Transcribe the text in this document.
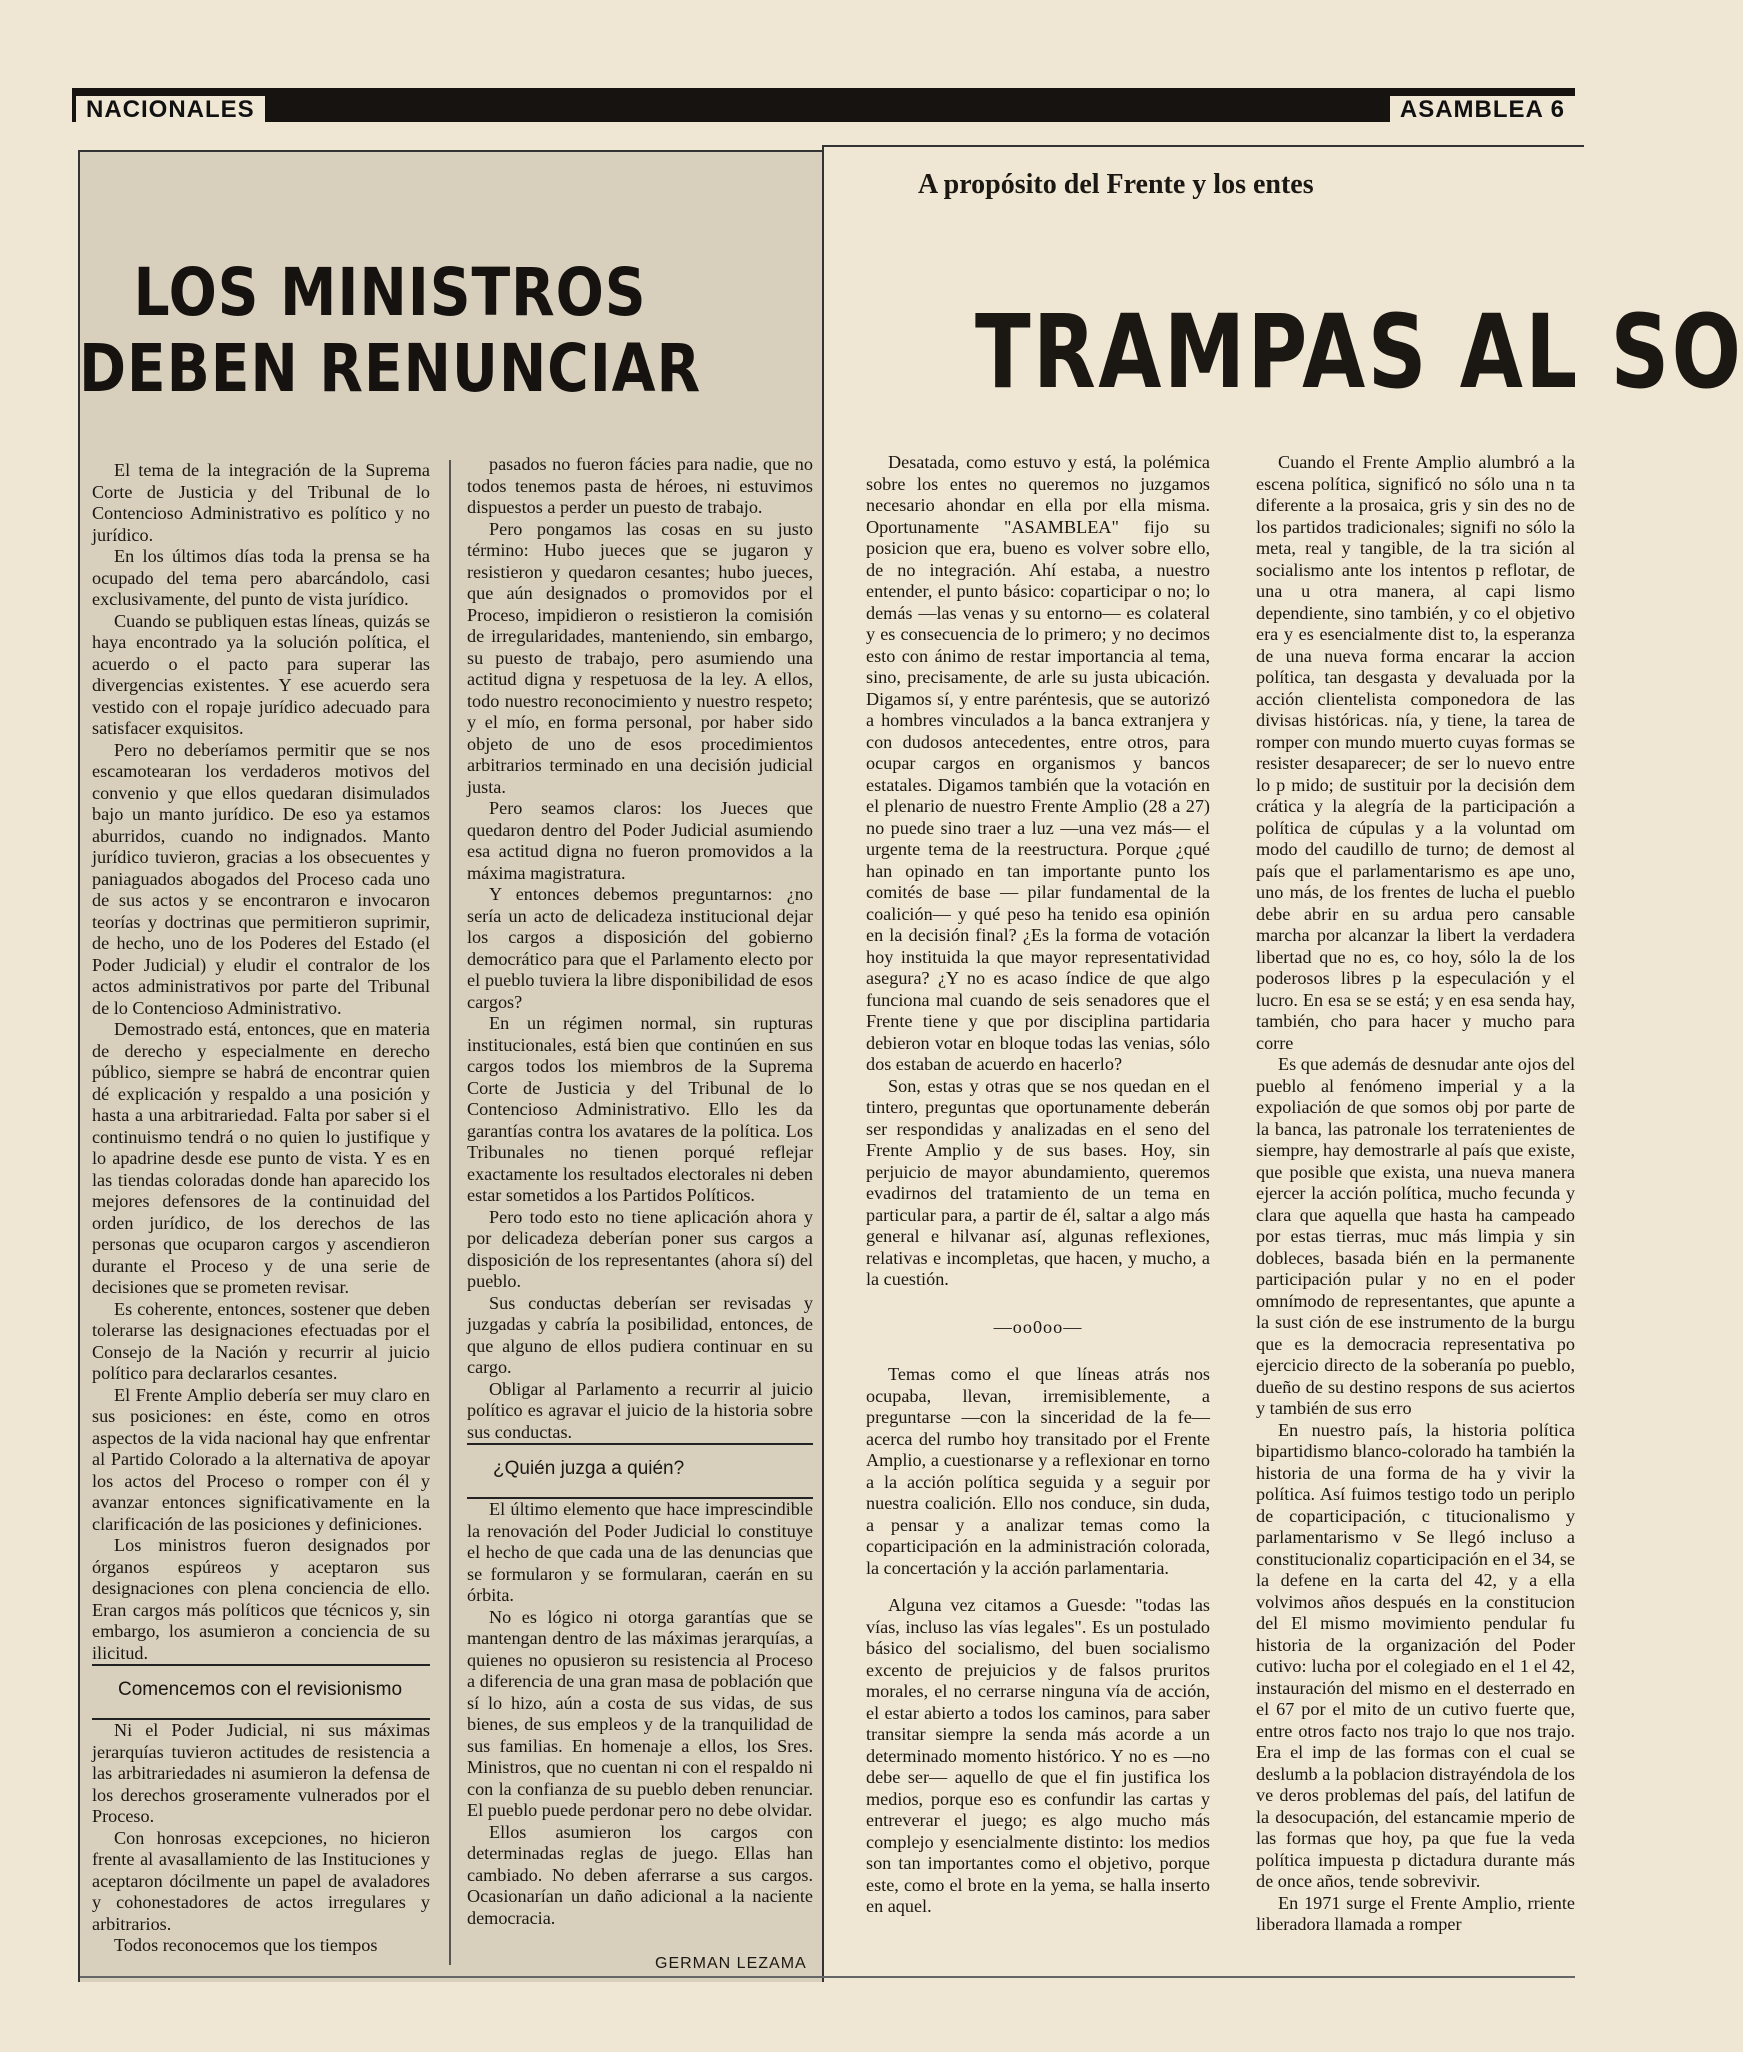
NACIONALES	ASAMBLEA 6
LOS MINISTROS
DEBEN RENUNCIAR

El tema de la integración de la Suprema Corte de Justicia y del Tribunal de lo Contencioso Administrativo es político y no jurídico.

En los últimos días toda la prensa se ha ocupado del tema pero abarcándolo, casi exclusivamente, del punto de vista jurídico.

Cuando se publiquen estas líneas, quizás se haya encontrado ya la solución política, el acuerdo o el pacto para superar las divergencias existentes. Y ese acuerdo sera vestido con el ropaje jurídico adecuado para satisfacer exquisitos.

Pero no deberíamos permitir que se nos escamotearan los verdaderos motivos del convenio y que ellos quedaran disimulados bajo un manto jurídico. De eso ya estamos aburridos, cuando no indignados. Manto jurídico tuvieron, gracias a los obsecuentes y paniaguados abogados del Proceso cada uno de sus actos y se encontraron e invocaron teorías y doctrinas que permitieron suprimir, de hecho, uno de los Poderes del Estado (el Poder Judicial) y eludir el contralor de los actos administrativos por parte del Tribunal de lo Contencioso Administrativo.

Demostrado está, entonces, que en materia de derecho y especialmente en derecho público, siempre se habrá de encontrar quien dé explicación y respaldo a una posición y hasta a una arbitrariedad. Falta por saber si el continuismo tendrá o no quien lo justifique y lo apadrine desde ese punto de vista. Y es en las tiendas coloradas donde han aparecido los mejores defensores de la continuidad del orden jurídico, de los derechos de las personas que ocuparon cargos y ascendieron durante el Proceso y de una serie de decisiones que se prometen revisar.

Es coherente, entonces, sostener que deben tolerarse las designaciones efectuadas por el Consejo de la Nación y recurrir al juicio político para declararlos cesantes.

El Frente Amplio debería ser muy claro en sus posiciones: en éste, como en otros aspectos de la vida nacional hay que enfrentar al Partido Colorado a la alternativa de apoyar los actos del Proceso o romper con él y avanzar entonces significativamente en la clarificación de las posiciones y definiciones.

Los ministros fueron designados por órganos espúreos y aceptaron sus designaciones con plena conciencia de ello. Eran cargos más políticos que técnicos y, sin embargo, los asumieron a conciencia de su ilicitud.

Comencemos con el revisionismo

Ni el Poder Judicial, ni sus máximas jerarquías tuvieron actitudes de resistencia a las arbitrariedades ni asumieron la defensa de los derechos groseramente vulnerados por el Proceso.

Con honrosas excepciones, no hicieron frente al avasallamiento de las Instituciones y aceptaron dócilmente un papel de avaladores y cohonestadores de actos irregulares y arbitrarios.

Todos reconocemos que los tiempos

pasados no fueron fácies para nadie, que no todos tenemos pasta de héroes, ni estuvimos dispuestos a perder un puesto de trabajo.

Pero pongamos las cosas en su justo término: Hubo jueces que se jugaron y resistieron y quedaron cesantes; hubo jueces, que aún designados o promovidos por el Proceso, impidieron o resistieron la comisión de irregularidades, manteniendo, sin embargo, su puesto de trabajo, pero asumiendo una actitud digna y respetuosa de la ley. A ellos, todo nuestro reconocimiento y nuestro respeto; y el mío, en forma personal, por haber sido objeto de uno de esos procedimientos arbitrarios terminado en una decisión judicial justa.

Pero seamos claros: los Jueces que quedaron dentro del Poder Judicial asumiendo esa actitud digna no fueron promovidos a la máxima magistratura.

Y entonces debemos preguntarnos: ¿no sería un acto de delicadeza institucional dejar los cargos a disposición del gobierno democrático para que el Parlamento electo por el pueblo tuviera la libre disponibilidad de esos cargos?

En un régimen normal, sin rupturas institucionales, está bien que continúen en sus cargos todos los miembros de la Suprema Corte de Justicia y del Tribunal de lo Contencioso Administrativo. Ello les da garantías contra los avatares de la política. Los Tribunales no tienen porqué reflejar exactamente los resultados electorales ni deben estar sometidos a los Partidos Políticos.

Pero todo esto no tiene aplicación ahora y por delicadeza deberían poner sus cargos a disposición de los representantes (ahora sí) del pueblo.

Sus conductas deberían ser revisadas y juzgadas y cabría la posibilidad, entonces, de que alguno de ellos pudiera continuar en su cargo.

Obligar al Parlamento a recurrir al juicio político es agravar el juicio de la historia sobre sus conductas.

¿Quién juzga a quién?

El último elemento que hace imprescindible la renovación del Poder Judicial lo constituye el hecho de que cada una de las denuncias que se formularon y se formularan, caerán en su órbita.

No es lógico ni otorga garantías que se mantengan dentro de las máximas jerarquías, a quienes no opusieron su resistencia al Proceso a diferencia de una gran masa de población que sí lo hizo, aún a costa de sus vidas, de sus bienes, de sus empleos y de la tranquilidad de sus familias. En homenaje a ellos, los Sres. Ministros, que no cuentan ni con el respaldo ni con la confianza de su pueblo deben renunciar. El pueblo puede perdonar pero no debe olvidar.

Ellos asumieron los cargos con determinadas reglas de juego. Ellas han cambiado. No deben aferrarse a sus cargos. Ocasionarían un daño adicional a la naciente democracia.

GERMAN LEZAMA
A propósito del Frente y los entes
TRAMPAS AL SO

Desatada, como estuvo y está, la polémica sobre los entes no queremos no juzgamos necesario ahondar en ella por ella misma. Oportunamente "ASAMBLEA" fijo su posicion que era, bueno es volver sobre ello, de no integración. Ahí estaba, a nuestro entender, el punto básico: coparticipar o no; lo demás —las venas y su entorno— es colateral y es consecuencia de lo primero; y no decimos esto con ánimo de restar importancia al tema, sino, precisamente, de arle su justa ubicación. Digamos sí, y entre paréntesis, que se autorizó a hombres vinculados a la banca extranjera y con dudosos antecedentes, entre otros, para ocupar cargos en organismos y bancos estatales. Digamos también que la votación en el plenario de nuestro Frente Amplio (28 a 27) no puede sino traer a luz —una vez más— el urgente tema de la reestructura. Porque ¿qué han opinado en tan importante punto los comités de base — pilar fundamental de la coalición— y qué peso ha tenido esa opinión en la decisión final? ¿Es la forma de votación hoy instituida la que mayor representatividad asegura? ¿Y no es acaso índice de que algo funciona mal cuando de seis senadores que el Frente tiene y que por disciplina partidaria debieron votar en bloque todas las venias, sólo dos estaban de acuerdo en hacerlo?

Son, estas y otras que se nos quedan en el tintero, preguntas que oportunamente deberán ser respondidas y analizadas en el seno del Frente Amplio y de sus bases. Hoy, sin perjuicio de mayor abundamiento, queremos evadirnos del tratamiento de un tema en particular para, a partir de él, saltar a algo más general e hilvanar así, algunas reflexiones, relativas e incompletas, que hacen, y mucho, a la cuestión.

—oo0oo—

Temas como el que líneas atrás nos ocupaba, llevan, irremisiblemente, a preguntarse —con la sinceridad de la fe— acerca del rumbo hoy transitado por el Frente Amplio, a cuestionarse y a reflexionar en torno a la acción política seguida y a seguir por nuestra coalición. Ello nos conduce, sin duda, a pensar y a analizar temas como la coparticipación en la administración colorada, la concertación y la acción parlamentaria.

Alguna vez citamos a Guesde: "todas las vías, incluso las vías legales". Es un postulado básico del socialismo, del buen socialismo excento de prejuicios y de falsos pruritos morales, el no cerrarse ninguna vía de acción, el estar abierto a todos los caminos, para saber transitar siempre la senda más acorde a un determinado momento histórico. Y no es —no debe ser— aquello de que el fin justifica los medios, porque eso es confundir las cartas y entreverar el juego; es algo mucho más complejo y esencialmente distinto: los medios son tan importantes como el objetivo, porque este, como el brote en la yema, se halla inserto en aquel.

Cuando el Frente Amplio alumbró a la escena política, significó no sólo una n ta diferente a la prosaica, gris y sin des no de los partidos tradicionales; signifi no sólo la meta, real y tangible, de la tra sición al socialismo ante los intentos p reflotar, de una u otra manera, al capi lismo dependiente, sino también, y co el objetivo era y es esencialmente dist to, la esperanza de una nueva forma encarar la accion política, tan desgasta y devaluada por la acción clientelista componedora de las divisas históricas. nía, y tiene, la tarea de romper con mundo muerto cuyas formas se resister desaparecer; de ser lo nuevo entre lo p mido; de sustituir por la decisión dem crática y la alegría de la participación a política de cúpulas y a la voluntad om modo del caudillo de turno; de demost al país que el parlamentarismo es ape uno, uno más, de los frentes de lucha el pueblo debe abrir en su ardua pero cansable marcha por alcanzar la libert la verdadera libertad que no es, co hoy, sólo la de los poderosos libres p la especulación y el lucro. En esa se se está; y en esa senda hay, también, cho para hacer y mucho para corre

Es que además de desnudar ante ojos del pueblo al fenómeno imperial y a la expoliación de que somos obj por parte de la banca, las patronale los terratenientes de siempre, hay demostrarle al país que existe, que posible que exista, una nueva manera ejercer la acción política, mucho fecunda y clara que aquella que hasta ha campeado por estas tierras, muc más limpia y sin dobleces, basada bién en la permanente participación pular y no en el poder omnímodo de representantes, que apunte a la sust ción de ese instrumento de la burgu que es la democracia representativa po ejercicio directo de la soberanía po pueblo, dueño de su destino respons de sus aciertos y también de sus erro

En nuestro país, la historia política bipartidismo blanco-colorado ha también la historia de una forma de ha y vivir la política. Así fuimos testigo todo un periplo de coparticipación, c titucionalismo y parlamentarismo v Se llegó incluso a constitucionaliz coparticipación en el 34, se la defene en la carta del 42, y a ella volvimos años después en la constitucion del El mismo movimiento pendular fu historia de la organización del Poder cutivo: lucha por el colegiado en el 1 el 42, instauración del mismo en el desterrado en el 67 por el mito de un cutivo fuerte que, entre otros facto nos trajo lo que nos trajo. Era el imp de las formas con el cual se deslumb a la poblacion distrayéndola de los ve deros problemas del país, del latifun de la desocupación, del estancamie mperio de las formas que hoy, pa que fue la veda política impuesta p dictadura durante más de once años, tende sobrevivir.

En 1971 surge el Frente Amplio, rriente liberadora llamada a romper
